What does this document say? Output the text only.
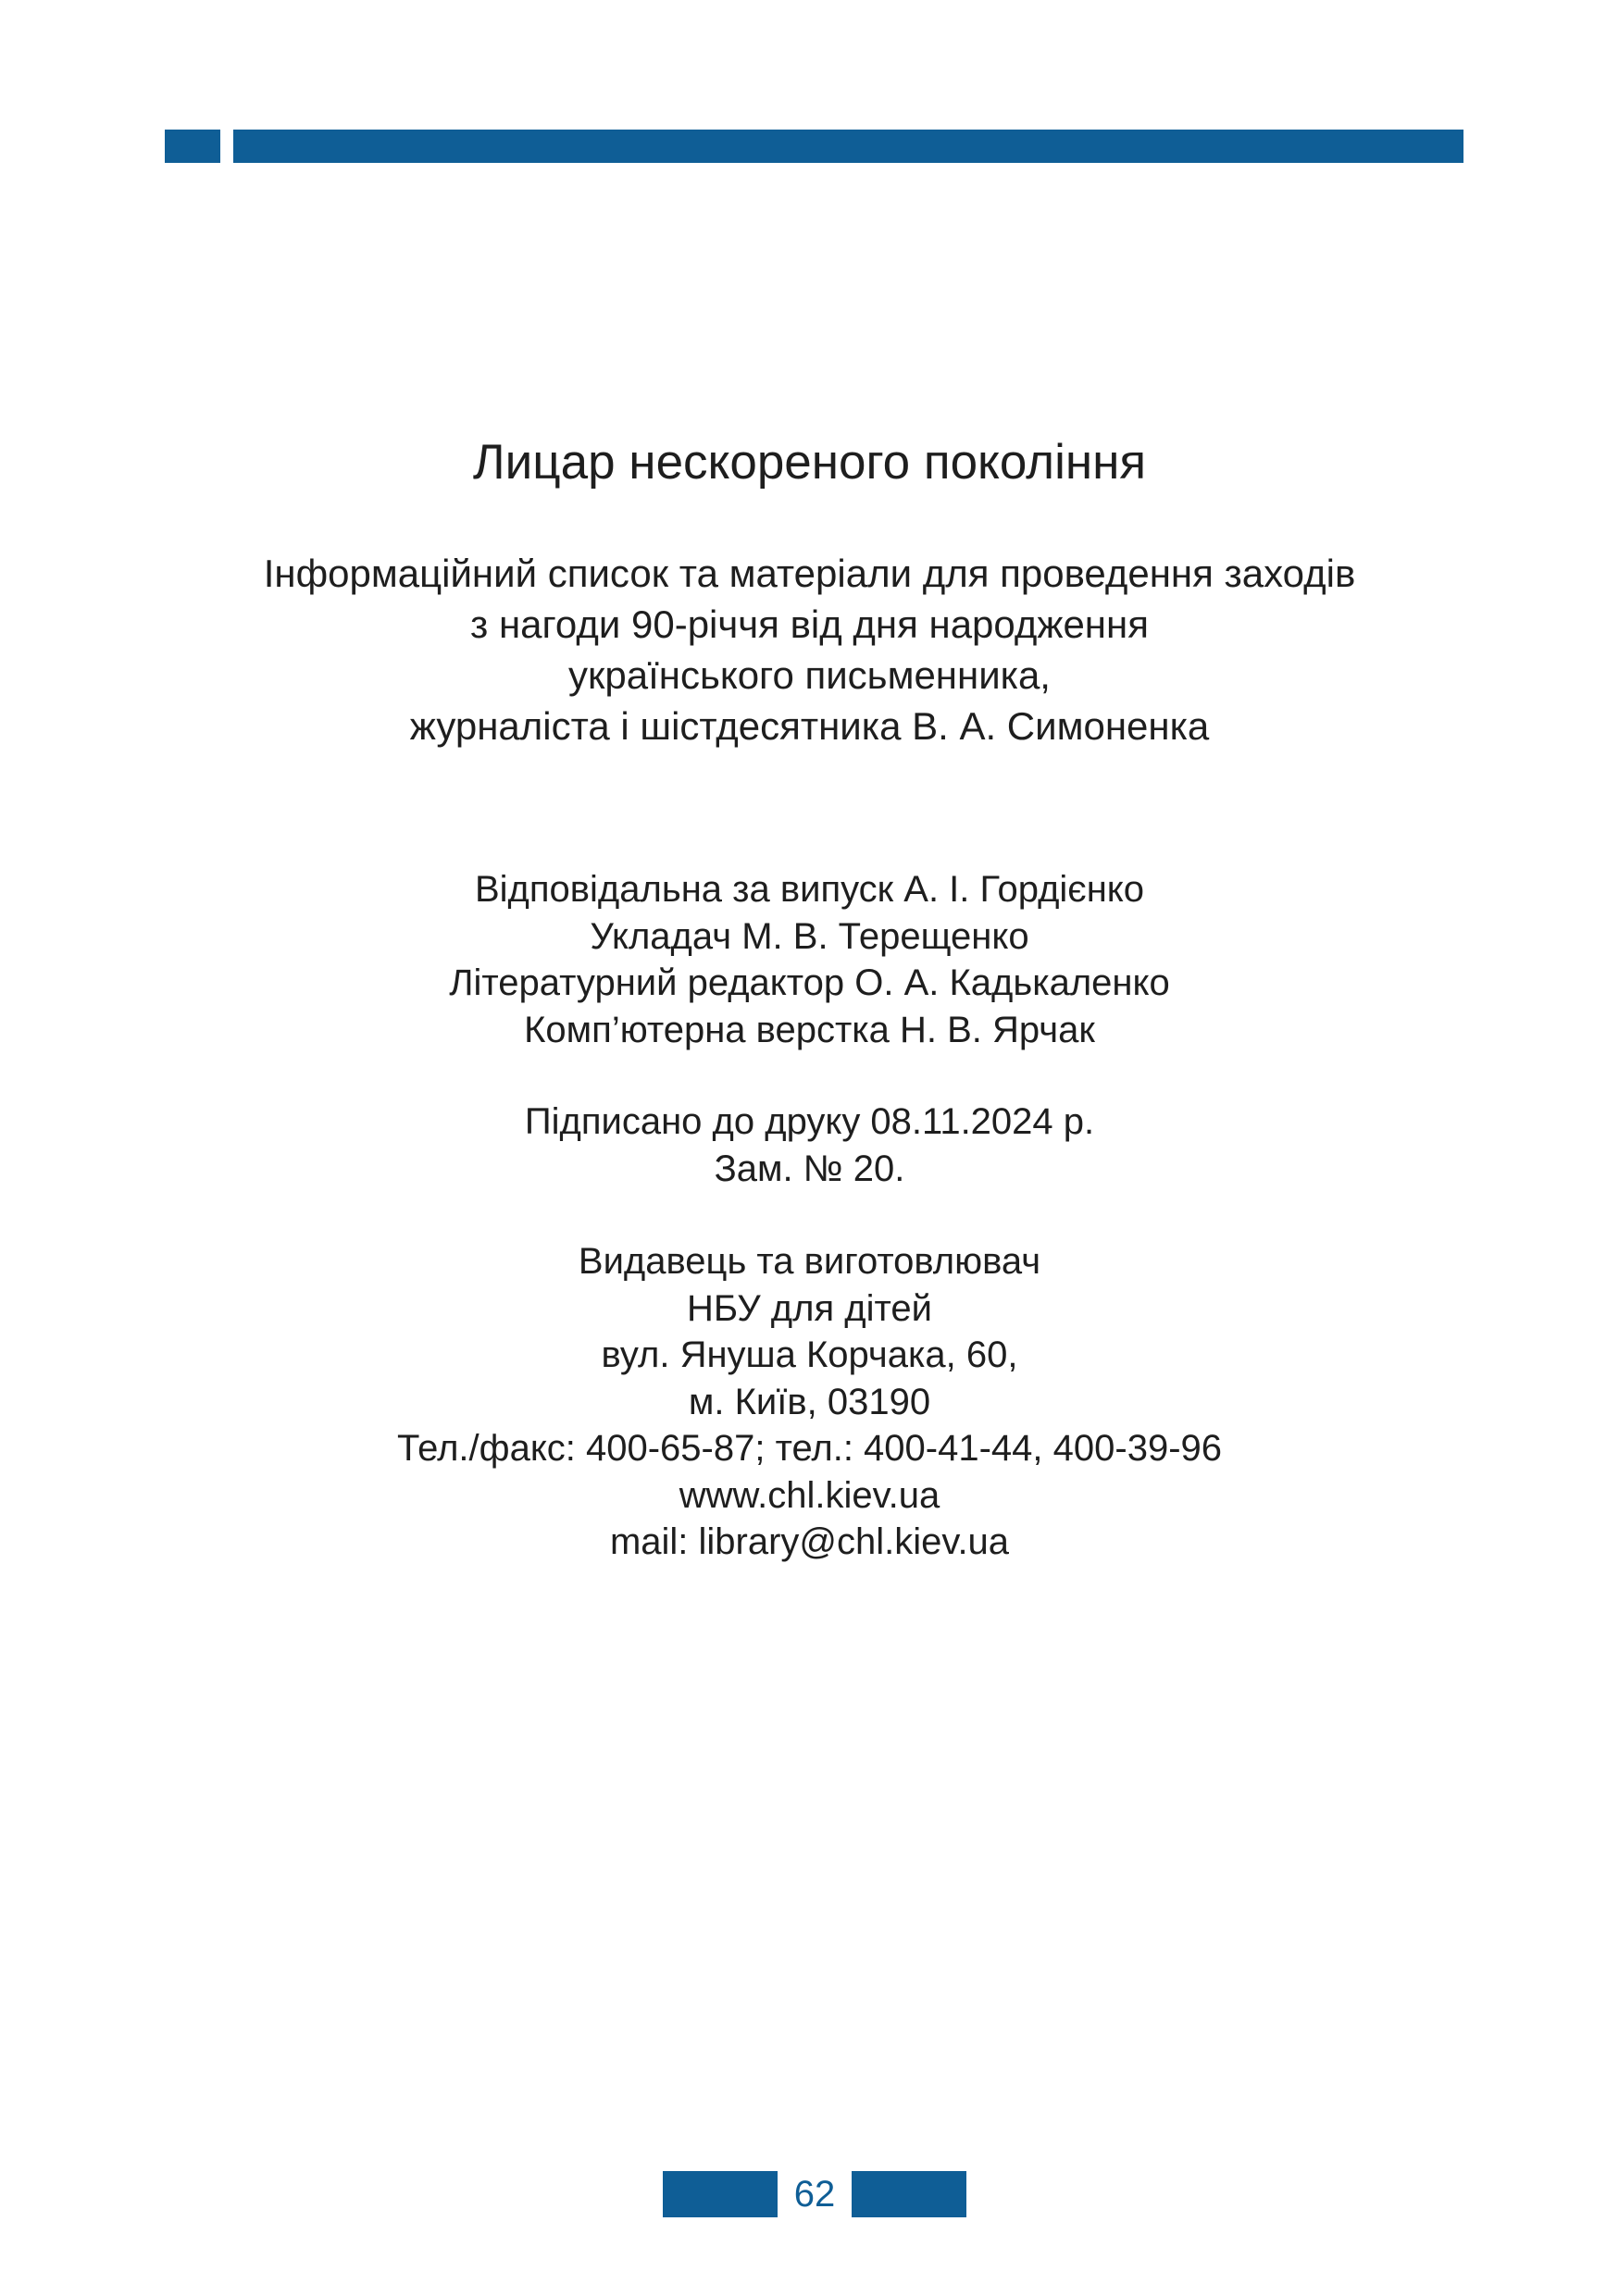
Лицар нескореного покоління
Інформаційний список та матеріали для проведення заходів
з нагоди 90-річчя від дня народження
українського письменника,
журналіста і шістдесятника В. А. Симоненка
Відповідальна за випуск А. І. Гордієнко
Укладач М. В. Терещенко
Літературний редактор О. А. Кадькаленко
Комп’ютерна верстка Н. В. Ярчак
Підписано до друку 08.11.2024 р.
Зам. № 20.
Видавець та виготовлювач
НБУ для дітей
вул. Януша Корчака, 60,
м. Київ, 03190
Тел./факс: 400-65-87; тел.: 400-41-44, 400-39-96
www.chl.kiev.ua
mail: library@chl.kiev.ua
62
